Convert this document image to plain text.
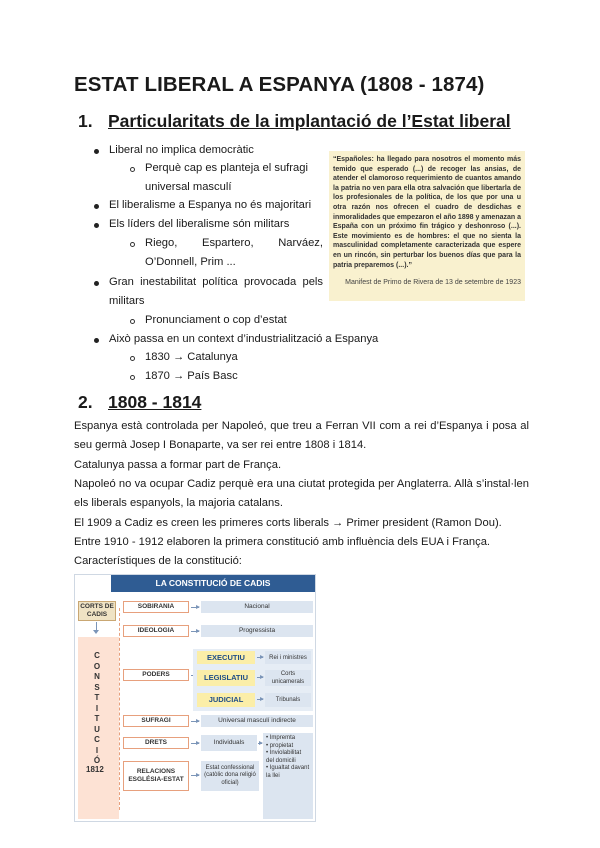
ESTAT LIBERAL A ESPANYA (1808 - 1874)
1. Particularitats de la implantació de l’Estat liberal
Liberal no implica democràtic
Perquè cap es planteja el sufragi
universal masculí
El liberalisme a Espanya no és majoritari
Els líders del liberalisme són militars
Riego, Espartero, Narváez,
O’Donnell, Prim ...
Gran inestabilitat política provocada pels
militars
Pronunciament o cop d’estat
Això passa en un context d’industrialització a Espanya
1830 → Catalunya
1870 → País Basc
“Españoles: ha llegado para nosotros el momento más temido que esperado (...) de recoger las ansias, de atender el clamoroso requerimiento de cuantos amando la patria no ven para ella otra salvación que libertarla de los profesionales de la política, de los que por una u otra razón nos ofrecen el cuadro de desdichas e inmoralidades que empezaron el año 1898 y amenazan a España con un próximo fin trágico y deshonroso (...). Este movimiento es de hombres: el que no sienta la masculinidad completamente caracterizada que espere en un rincón, sin perturbar los buenos días que para la patria preparemos (...).”
Manifest de Primo de Rivera de 13 de setembre de 1923
2. 1808 - 1814
Espanya està controlada per Napoleó, que treu a Ferran VII com a rei d’Espanya i posa al seu germà Josep I Bonaparte, va ser rei entre 1808 i 1814.
Catalunya passa a formar part de França.
Napoleó no va ocupar Cadiz perquè era una ciutat protegida per Anglaterra. Allà s’instal·len els liberals espanyols, la majoria catalans.
El 1909 a Cadiz es creen les primeres corts liberals → Primer president (Ramon Dou).
Entre 1910 - 1912 elaboren la primera constitució amb influència dels EUA i França.
Característiques de la constitució:
LA CONSTITUCIÓ DE CADIS
CORTS DE CADIS
C
O
N
S
T
I
T
U
C
I
Ó
1812
SOBIRANIA	Nacional
IDEOLOGIA	Progressista
PODERS
EXECUTIU	Rei i ministres
LEGISLATIU	Corts unicamerals
JUDICIAL	Tribunals
SUFRAGI	Universal masculí indirecte
DRETS	Individuals
• Impremta
• propietat
• Inviolabilitat del domicili
• Igualtat davant la llei
RELACIONS ESGLÉSIA-ESTAT
Estat confessional (catòlic dona religió oficial)
